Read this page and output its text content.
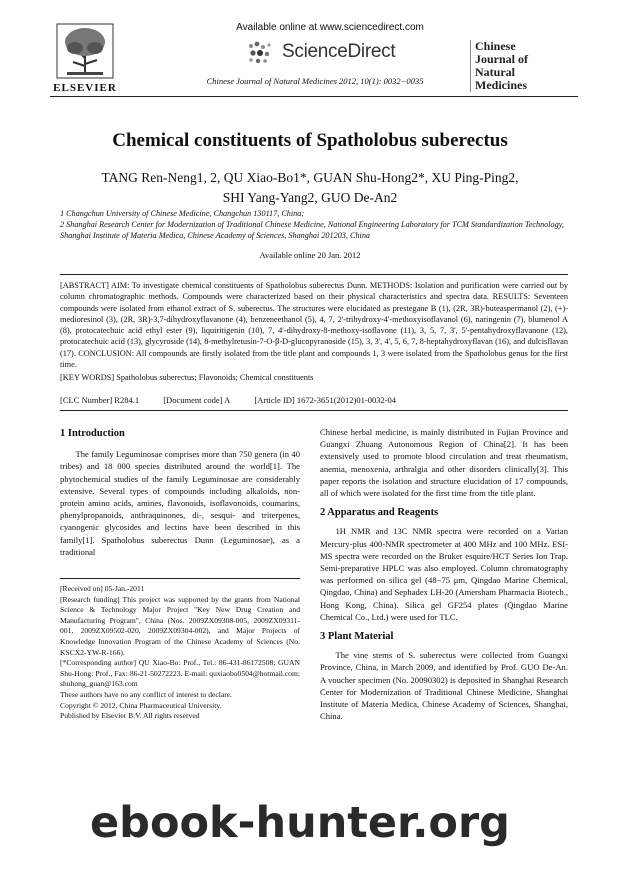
ELSEVIER
Available online at www.sciencedirect.com
ScienceDirect
Chinese Journal of Natural Medicines 2012, 10(1): 0032−0035
Chinese
Journal of
Natural
Medicines
Chemical constituents of Spatholobus suberectus
TANG Ren-Neng1, 2, QU Xiao-Bo1*, GUAN Shu-Hong2*, XU Ping-Ping2,
SHI Yang-Yang2, GUO De-An2
1 Changchun University of Chinese Medicine, Changchun 130117, China;
2 Shanghai Research Center for Modernization of Traditional Chinese Medicine, National Engineering Laboratory for TCM Standardization Technology, Shanghai Institute of Materia Medica, Chinese Academy of Sciences, Shanghai 201203, China
Available online 20 Jan. 2012
[ABSTRACT] AIM: To investigate chemical constituents of Spatholobus suberectus Dunn. METHODS: Isolation and purification were carried out by column chromatographic methods. Compounds were characterized based on their physical characteristics and spectra data. RESULTS: Seventeen compounds were isolated from ethanol extract of S. suberectus. The structures were elucidated as prestegane B (1), (2R, 3R)-buteaspermanol (2), (+)-medioresinol (3), (2R, 3R)-3,7-dihydroxyflavanone (4), benzeneethanol (5), 4, 7, 2'-trihydroxy-4'-methoxyisoflavanol (6), naringenin (7), blumenol A (8), protocatechuic acid ethyl ester (9), liquiritigenin (10), 7, 4'-dihydroxy-8-methoxy-isoflavone (11), 3, 5, 7, 3', 5'-pentahydroxyflavanone (12), protocatechuic acid (13), glycyroside (14), 8-methylretusin-7-O-β-D-glucopyranoside (15), 3, 3', 4', 5, 6, 7, 8-heptahydroxyflavan (16), and dulcisflavan (17). CONCLUSION: All compounds are firstly isolated from the title plant and compounds 1, 3 were isolated from the Spatholobus genus for the first time.
[KEY WORDS] Spatholobus suberectus; Flavonoids; Chemical constituents
[CLC Number] R284.1	[Document code] A	[Article ID] 1672-3651(2012)01-0032-04
1 Introduction
The family Leguminosae comprises more than 750 genera (in 40 tribes) and 18 000 species distributed around the world[1]. The phytochemical studies of the family Leguminosae are considerably extensive. Several types of compounds including alkaloids, non-protein amino acids, amines, flavonoids, isoflavonoids, coumarins, phenylpropanoids, anthraquinones, di-, sesqui- and triterpenes, cyanogenic glycosides and lectins have been described in this family[1]. Spatholobus suberectus Dunn (Leguminosae), as a traditional
[Received on] 05-Jan.-2011
[Research funding] This project was supported by the grants from National Science & Technology Major Project "Key New Drug Creation and Manufacturing Program", China (Nos. 2009ZX09308-005, 2009ZX09311-001, 2009ZX09502-020, 2009ZX09304-002), and Major Projects of Knowledge Innovation Program of the Chinese Academy of Sciences (No. KSCX2-YW-R-166).
[*Corresponding author] QU Xiao-Bo: Prof., Tel.: 86-431-86172508; GUAN Shu-Hong: Prof., Fax: 86-21-50272223. E-mail: quxiaobo0504@hotmail.com; shuhong_guan@163.com
These authors have no any conflict of interest to declare.
Copyright © 2012, China Pharmaceutical University.
Published by Elsevier B.V. All rights reserved
Chinese herbal medicine, is mainly distributed in Fujian Province and Guangxi Zhuang Autonomous Region of China[2]. It has been extensively used to promote blood circulation and treat rheumatism, anemia, menoxenia, arthralgia and other disorders clinically[3]. This paper reports the isolation and structure elucidation of 17 compounds, all of which were isolated for the first time from the title plant.
2 Apparatus and Reagents
1H NMR and 13C NMR spectra were recorded on a Varian Mercury-plus 400-NMR spectrometer at 400 MHz and 100 MHz. ESI-MS spectra were recorded on the Bruker esquire/HCT Series Ion Trap. Semi-preparative HPLC was also employed. Column chromatography was performed on silica gel (48−75 μm, Qingdao Marine Chemical, Qingdao, China) and Sephadex LH-20 (Amersham Pharmacia Biotech., Hong Kong, China). Silica gel GF254 plates (Qingdao Marine Chemical Co., Ltd.) were used for TLC.
3 Plant Material
The vine stems of S. suberectus were collected from Guangxi Province, China, in March 2009, and identified by Prof. GUO De-An. A voucher specimen (No. 20090302) is deposited in Shanghai Research Center for Modernization of Traditional Chinese Medicine, Shanghai Institute of Materia Medica, Chinese Academy of Sciences, Shanghai, China.
ebook-hunter.org
